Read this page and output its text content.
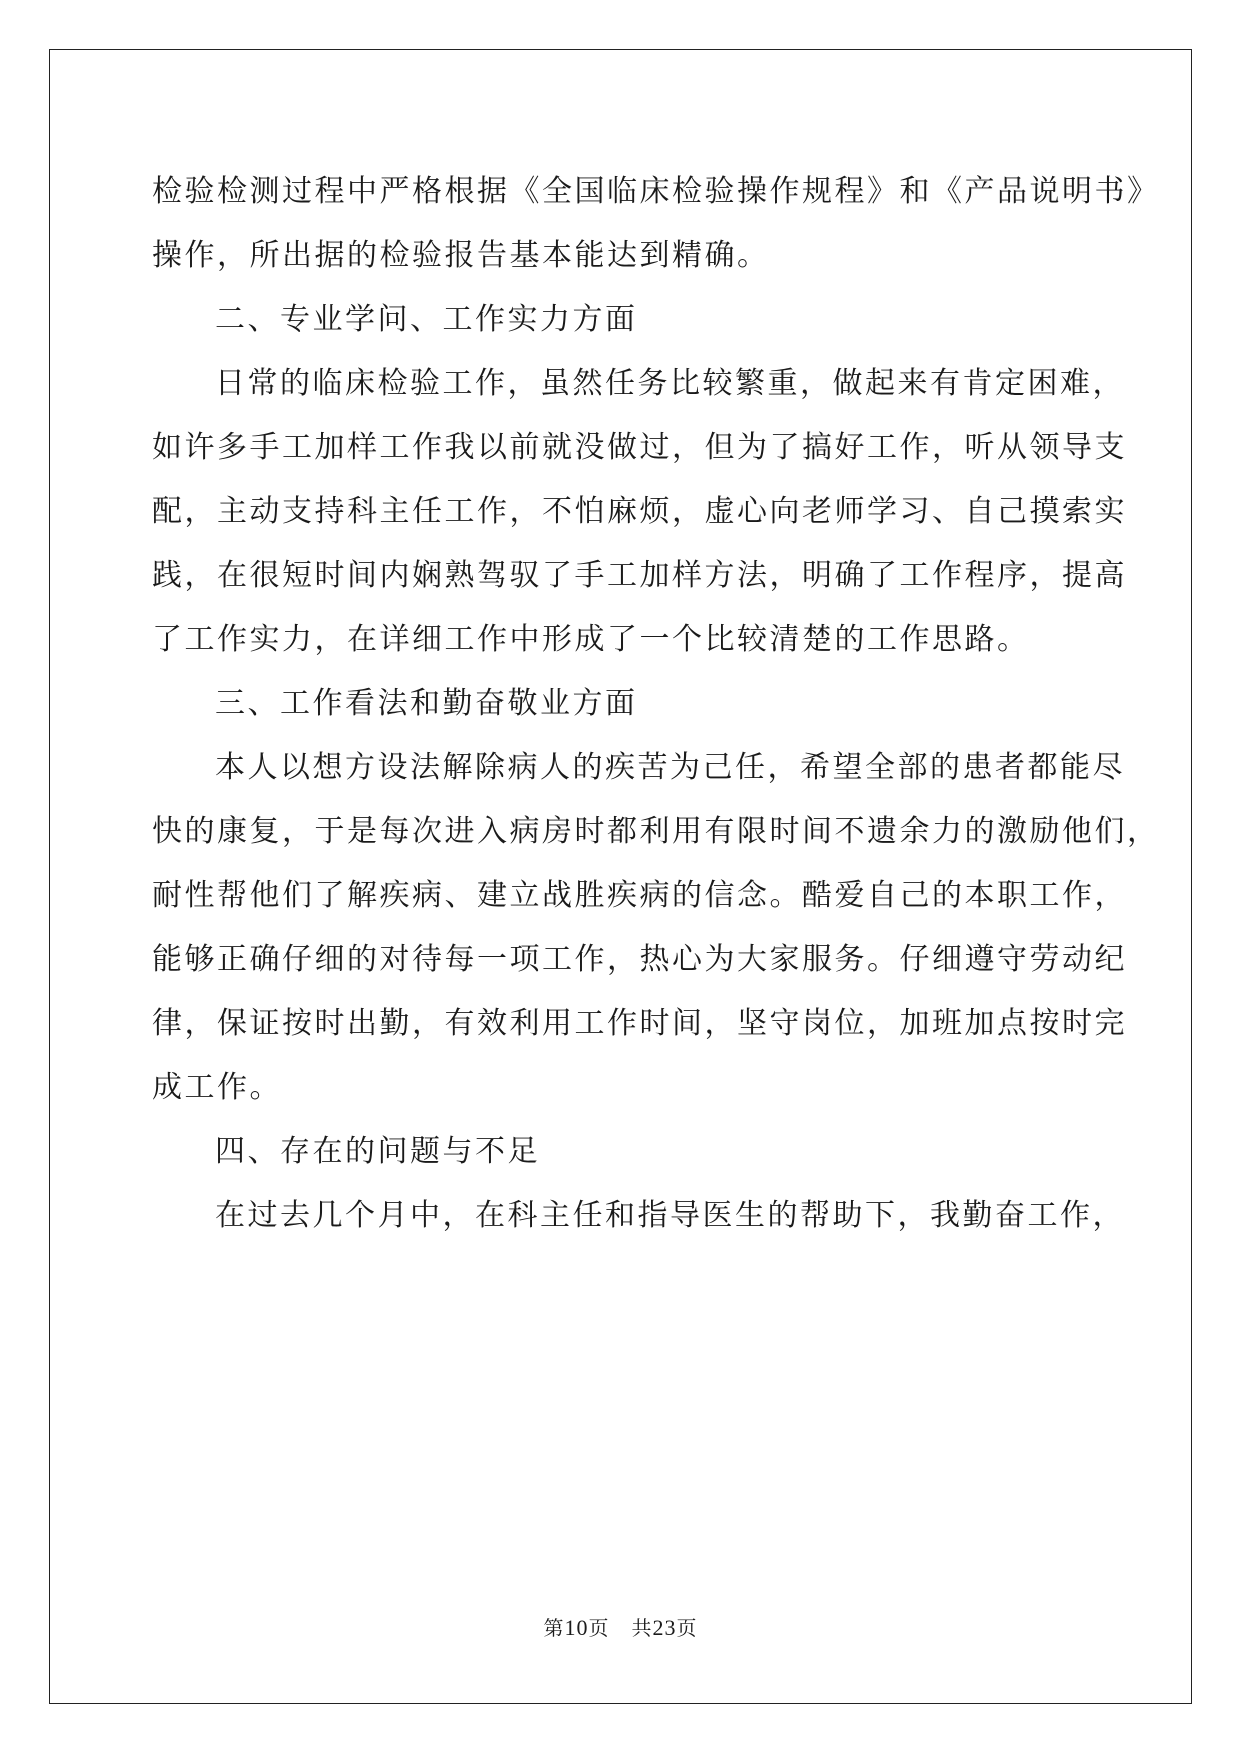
检验检测过程中严格根据《全国临床检验操作规程》和《产品说明书》
操作，所出据的检验报告基本能达到精确。
二、专业学问、工作实力方面
日常的临床检验工作，虽然任务比较繁重，做起来有肯定困难，
如许多手工加样工作我以前就没做过，但为了搞好工作，听从领导支
配，主动支持科主任工作，不怕麻烦，虚心向老师学习、自己摸索实
践，在很短时间内娴熟驾驭了手工加样方法，明确了工作程序，提高
了工作实力，在详细工作中形成了一个比较清楚的工作思路。
三、工作看法和勤奋敬业方面
本人以想方设法解除病人的疾苦为己任，希望全部的患者都能尽
快的康复，于是每次进入病房时都利用有限时间不遗余力的激励他们，
耐性帮他们了解疾病、建立战胜疾病的信念。酷爱自己的本职工作，
能够正确仔细的对待每一项工作，热心为大家服务。仔细遵守劳动纪
律，保证按时出勤，有效利用工作时间，坚守岗位，加班加点按时完
成工作。
四、存在的问题与不足
在过去几个月中，在科主任和指导医生的帮助下，我勤奋工作，
第10页 共23页
